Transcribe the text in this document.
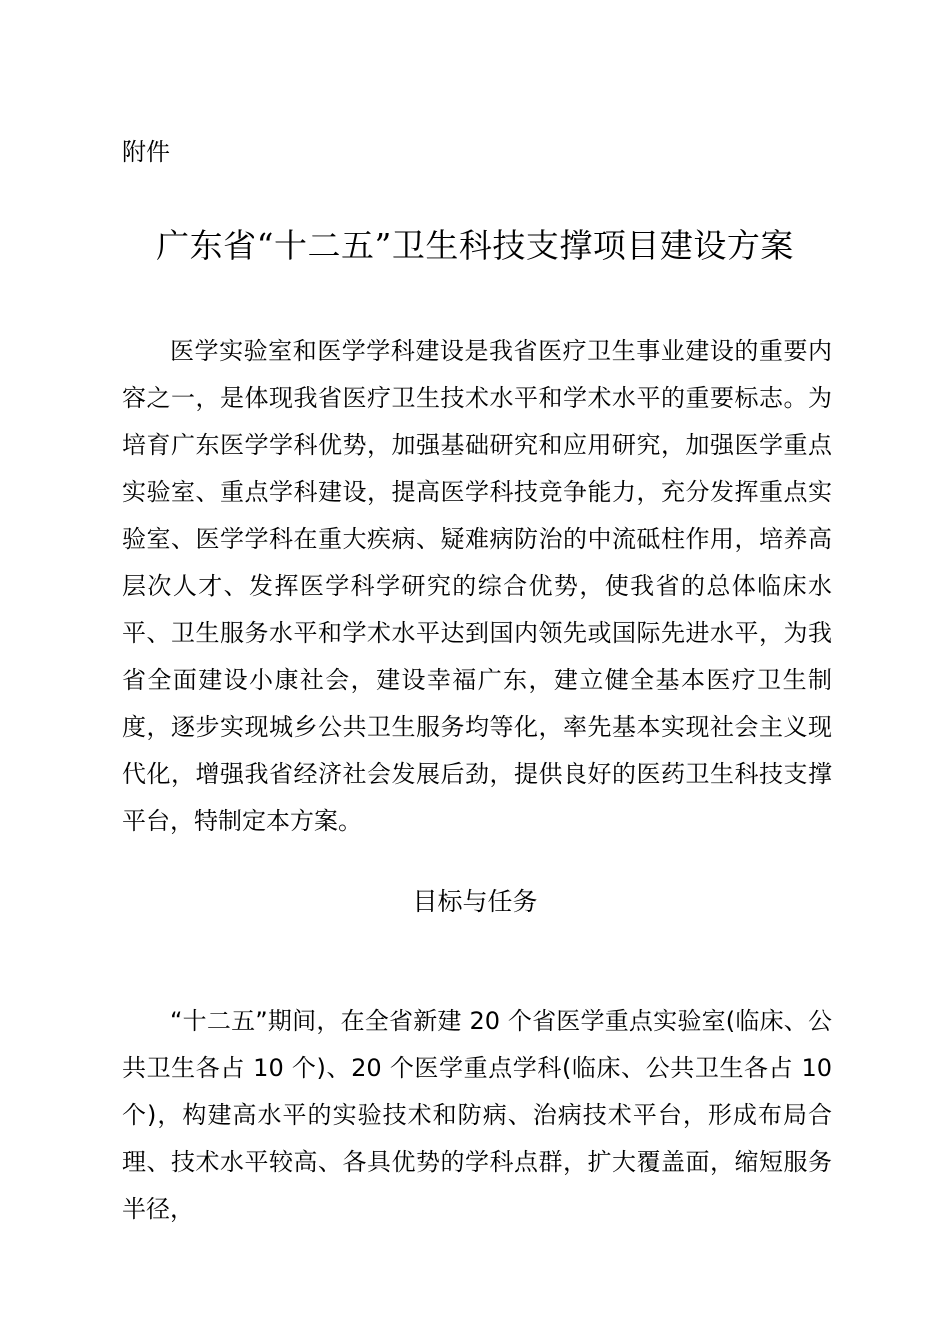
附件
广东省“十二五”卫生科技支撑项目建设方案

医学实验室和医学学科建设是我省医疗卫生事业建设的重要内容之一，是体现我省医疗卫生技术水平和学术水平的重要标志。为培育广东医学学科优势，加强基础研究和应用研究，加强医学重点实验室、重点学科建设，提高医学科技竞争能力，充分发挥重点实验室、医学学科在重大疾病、疑难病防治的中流砥柱作用，培养高层次人才、发挥医学科学研究的综合优势，使我省的总体临床水平、卫生服务水平和学术水平达到国内领先或国际先进水平，为我省全面建设小康社会，建设幸福广东，建立健全基本医疗卫生制度，逐步实现城乡公共卫生服务均等化，率先基本实现社会主义现代化，增强我省经济社会发展后劲，提供良好的医药卫生科技支撑平台，特制定本方案。

目标与任务

“十二五”期间，在全省新建 20 个省医学重点实验室(临床、公共卫生各占 10 个)、20 个医学重点学科(临床、公共卫生各占 10 个)，构建高水平的实验技术和防病、治病技术平台，形成布局合理、技术水平较高、各具优势的学科点群，扩大覆盖面，缩短服务半径，
